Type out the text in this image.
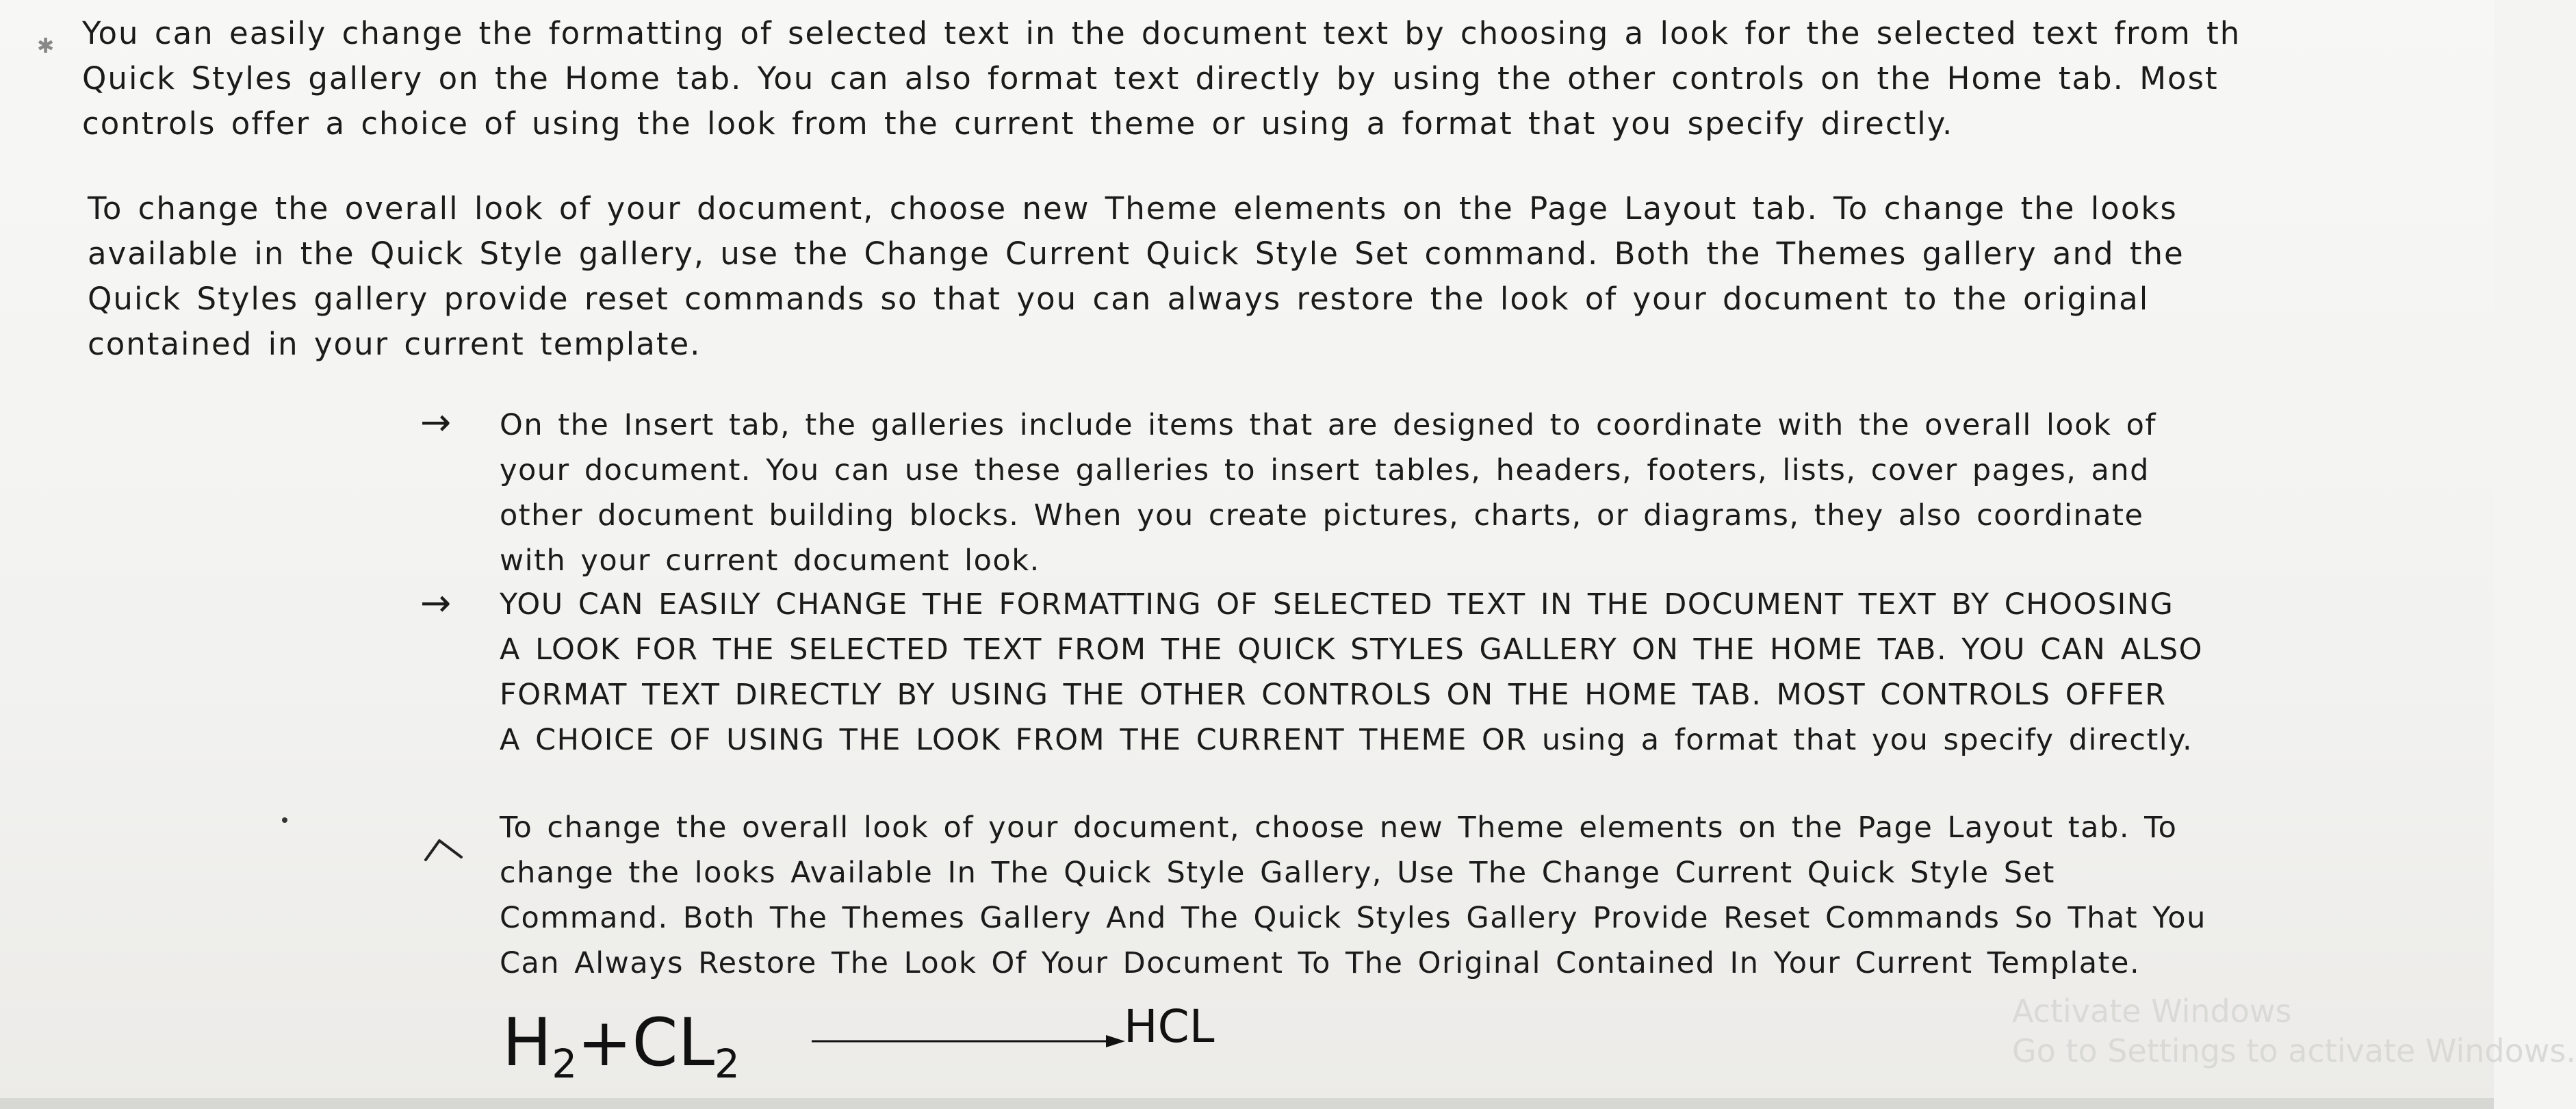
✱ You can easily change the formatting of selected text in the document text by choosing a look for the selected text from th
Quick Styles gallery on the Home tab. You can also format text directly by using the other controls on the Home tab. Most
controls offer a choice of using the look from the current theme or using a format that you specify directly.
To change the overall look of your document, choose new Theme elements on the Page Layout tab. To change the looks
available in the Quick Style gallery, use the Change Current Quick Style Set command. Both the Themes gallery and the
Quick Styles gallery provide reset commands so that you can always restore the look of your document to the original
contained in your current template.
→ On the Insert tab, the galleries include items that are designed to coordinate with the overall look of
your document. You can use these galleries to insert tables, headers, footers, lists, cover pages, and
other document building blocks. When you create pictures, charts, or diagrams, they also coordinate
with your current document look.
→ YOU CAN EASILY CHANGE THE FORMATTING OF SELECTED TEXT IN THE DOCUMENT TEXT BY CHOOSING
A LOOK FOR THE SELECTED TEXT FROM THE QUICK STYLES GALLERY ON THE HOME TAB. YOU CAN ALSO
FORMAT TEXT DIRECTLY BY USING THE OTHER CONTROLS ON THE HOME TAB. MOST CONTROLS OFFER
A CHOICE OF USING THE LOOK FROM THE CURRENT THEME OR using a format that you specify directly.
To change the overall look of your document, choose new Theme elements on the Page Layout tab. To
change the looks Available In The Quick Style Gallery, Use The Change Current Quick Style Set
Command. Both The Themes Gallery And The Quick Styles Gallery Provide Reset Commands So That You
Can Always Restore The Look Of Your Document To The Original Contained In Your Current Template.
$H_2+CL_2$
HCL	Activate Windows
Go to Settings to activate Windows.
